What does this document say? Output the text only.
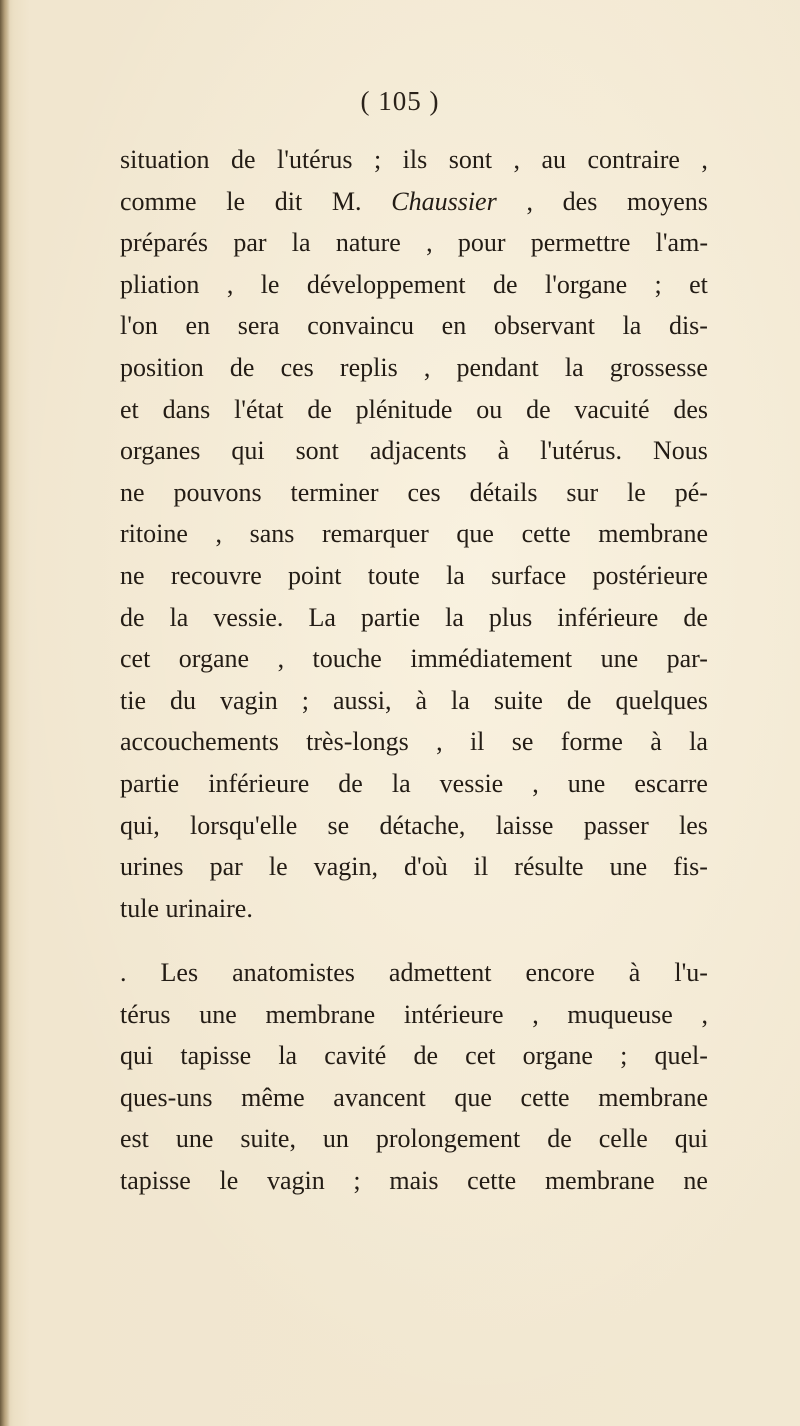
( 105 )
situation de l'utérus ; ils sont , au contraire ,
comme le dit M. Chaussier , des moyens
préparés par la nature , pour permettre l'am-
pliation , le développement de l'organe ; et
l'on en sera convaincu en observant la dis-
position de ces replis , pendant la grossesse
et dans l'état de plénitude ou de vacuité des
organes qui sont adjacents à l'utérus. Nous
ne pouvons terminer ces détails sur le pé-
ritoine , sans remarquer que cette membrane
ne recouvre point toute la surface postérieure
de la vessie. La partie la plus inférieure de
cet organe , touche immédiatement une par-
tie du vagin ; aussi, à la suite de quelques
accouchements très-longs , il se forme à la
partie inférieure de la vessie , une escarre
qui, lorsqu'elle se détache, laisse passer les
urines par le vagin, d'où il résulte une fis-
tule urinaire.
. Les anatomistes admettent encore à l'u-
térus une membrane intérieure , muqueuse ,
qui tapisse la cavité de cet organe ; quel-
ques-uns même avancent que cette membrane
est une suite, un prolongement de celle qui
tapisse le vagin ; mais cette membrane ne
